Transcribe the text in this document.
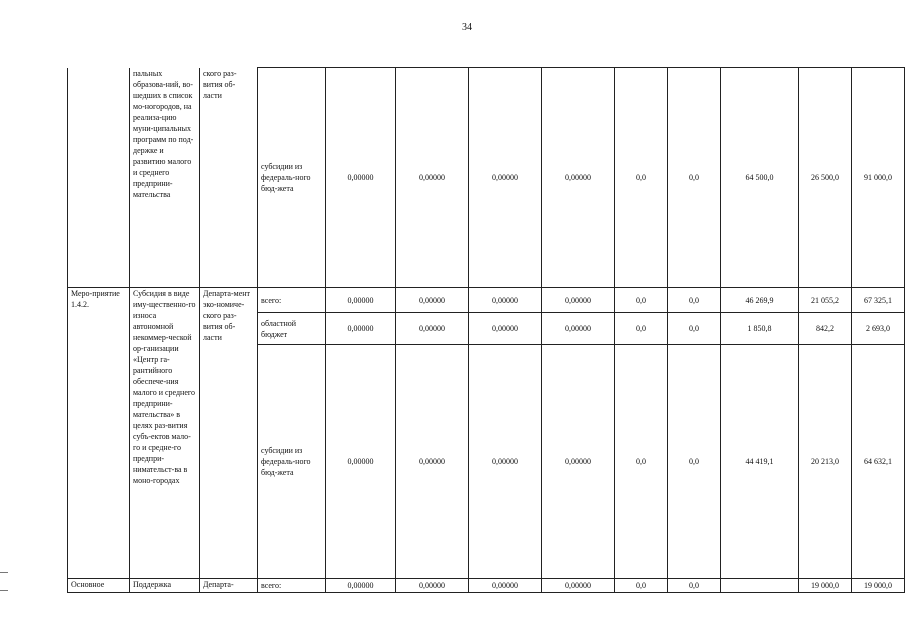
34
	пальных образова-ний, во-шедших в список мо-ногородов, на реализа-цию муни-ципальных программ по под-держке и развитию малого и среднего предприни-мательства	ского раз-вития об-ласти	субсидии из федераль-ного бюд-жета	0,00000	0,00000	0,00000	0,00000	0,0	0,0	64 500,0	26 500,0	91 000,0
Меро-приятие 1.4.2.	Субсидия в виде иму-щественно-го износа автономной некоммер-ческой ор-ганизации «Центр га-рантийного обеспече-ния малого и среднего предприни-мательства» в целях раз-вития субъ-ектов мало-го и средне-го предпри-нимательст-ва в моно-городах	Департа-мент эко-номиче-ского раз-вития об-ласти	всего:	0,00000	0,00000	0,00000	0,00000	0,0	0,0	46 269,9	21 055,2	67 325,1
			областной бюджет	0,00000	0,00000	0,00000	0,00000	0,0	0,0	1 850,8	842,2	2 693,0
			субсидии из федераль-ного бюд-жета	0,00000	0,00000	0,00000	0,00000	0,0	0,0	44 419,1	20 213,0	64 632,1
Основное	Поддержка	Департа-	всего:	0,00000	0,00000	0,00000	0,00000	0,0	0,0		19 000,0	19 000,0
